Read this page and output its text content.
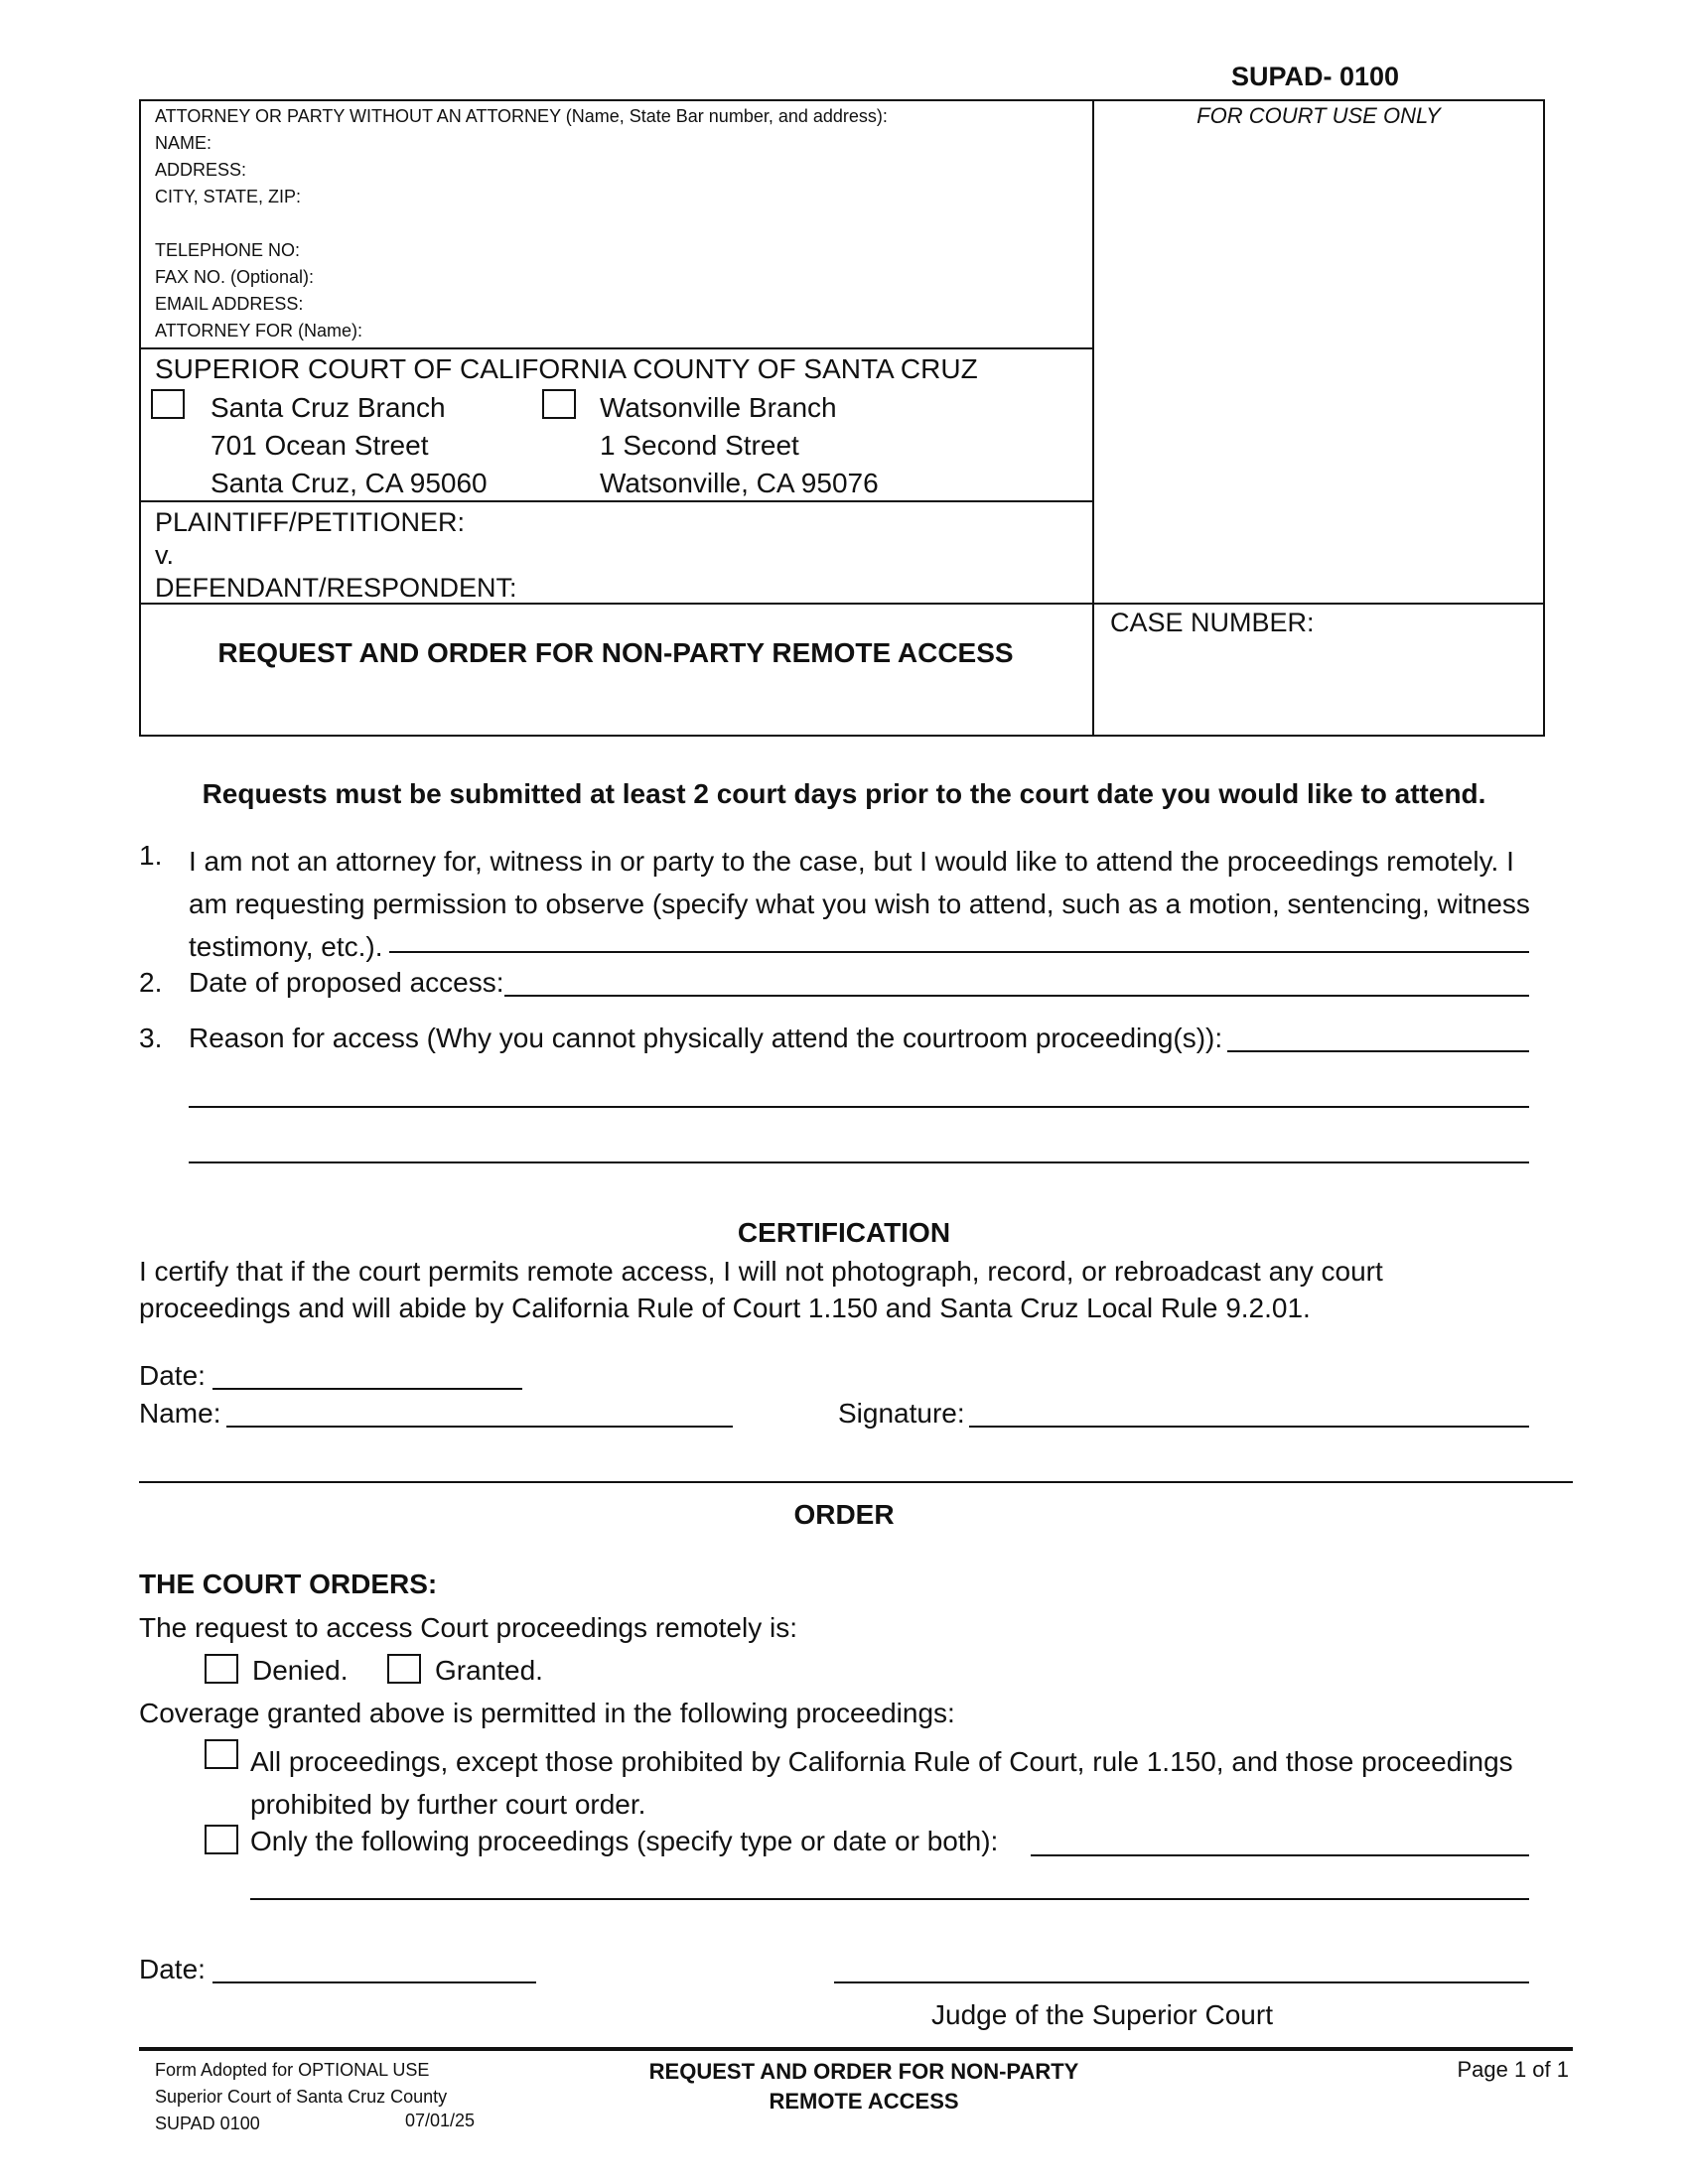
SUPAD- 0100
ATTORNEY OR PARTY WITHOUT AN ATTORNEY (Name, State Bar number, and address):
NAME:
ADDRESS:
CITY, STATE, ZIP:
TELEPHONE NO:
FAX NO. (Optional):
EMAIL ADDRESS:
ATTORNEY FOR (Name):
FOR COURT USE ONLY
SUPERIOR COURT OF CALIFORNIA COUNTY OF SANTA CRUZ
Santa Cruz Branch
701 Ocean Street
Santa Cruz, CA 95060
Watsonville Branch
1 Second Street
Watsonville, CA 95076
PLAINTIFF/PETITIONER:
v.
DEFENDANT/RESPONDENT:
REQUEST AND ORDER FOR NON-PARTY REMOTE ACCESS
CASE NUMBER:
Requests must be submitted at least 2 court days prior to the court date you would like to attend.
1. I am not an attorney for, witness in or party to the case, but I would like to attend the proceedings remotely. I
am requesting permission to observe (specify what you wish to attend, such as a motion, sentencing, witness
testimony, etc.).
2. Date of proposed access:
3. Reason for access (Why you cannot physically attend the courtroom proceeding(s)):
CERTIFICATION
I certify that if the court permits remote access, I will not photograph, record, or rebroadcast any court
proceedings and will abide by California Rule of Court 1.150 and Santa Cruz Local Rule 9.2.01.
Date:
Name:	Signature:
ORDER
THE COURT ORDERS:
The request to access Court proceedings remotely is:
Denied.	Granted.
Coverage granted above is permitted in the following proceedings:
All proceedings, except those prohibited by California Rule of Court, rule 1.150, and those proceedings
prohibited by further court order.
Only the following proceedings (specify type or date or both):
Date:
Judge of the Superior Court
Form Adopted for OPTIONAL USE
Superior Court of Santa Cruz County
SUPAD 0100	07/01/25
REQUEST AND ORDER FOR NON-PARTY
REMOTE ACCESS
Page 1 of 1
